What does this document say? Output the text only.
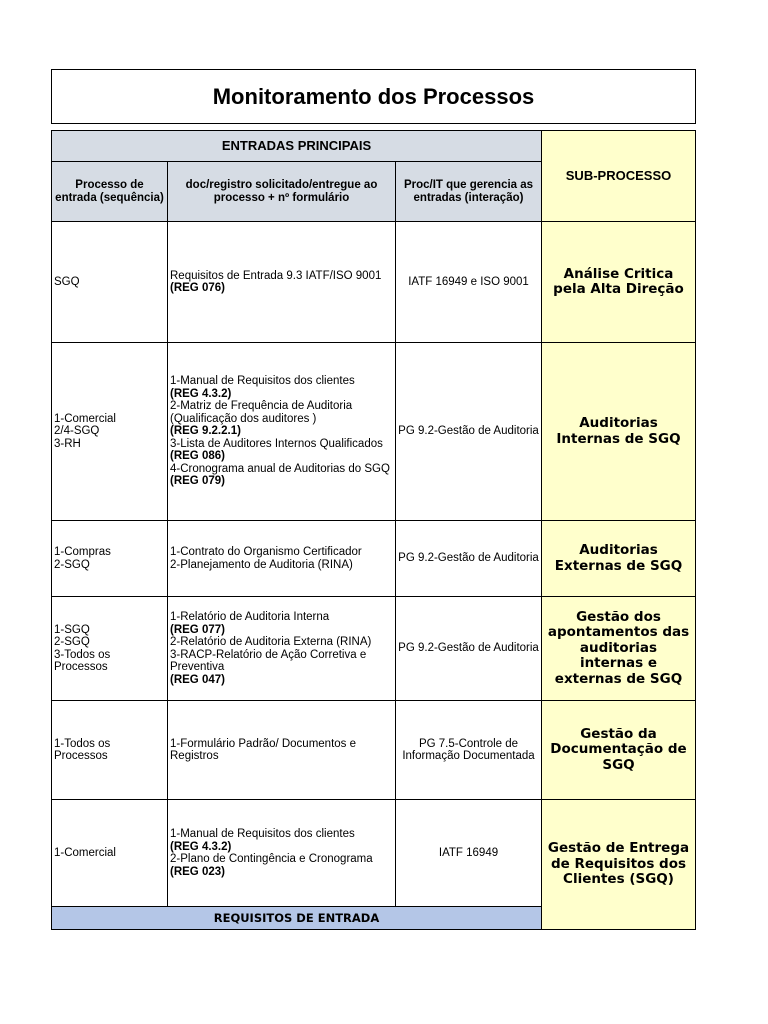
Monitoramento dos Processos
ENTRADAS PRINCIPAIS
SUB-PROCESSO
Processo de entrada (sequência)
doc/registro solicitado/entregue ao processo + nº formulário
Proc/IT que gerencia as entradas (interação)
SGQ
Requisitos de Entrada 9.3 IATF/ISO 9001
(REG 076)
IATF 16949 e ISO 9001
Análise Critica pela Alta Direção
1-Comercial
2/4-SGQ
3-RH
1-Manual de Requisitos dos clientes
(REG 4.3.2)
2-Matriz de Frequência de Auditoria
(Qualificação dos auditores )
(REG 9.2.2.1)
3-Lista de Auditores Internos Qualificados
(REG 086)
4-Cronograma anual de Auditorias do SGQ
(REG 079)
PG 9.2-Gestão de Auditoria
Auditorias Internas de SGQ
1-Compras
2-SGQ
1-Contrato do Organismo Certificador
2-Planejamento de Auditoria (RINA)
PG 9.2-Gestão de Auditoria
Auditorias Externas de SGQ
1-SGQ
2-SGQ
3-Todos os
Processos
1-Relatório de Auditoria Interna
(REG 077)
2-Relatório de Auditoria Externa (RINA)
3-RACP-Relatório de Ação Corretiva e
Preventiva
(REG 047)
PG 9.2-Gestão de Auditoria
Gestão dos apontamentos das auditorias internas e externas de SGQ
1-Todos os
Processos
1-Formulário Padrão/ Documentos e
Registros
PG 7.5-Controle de Informação Documentada
Gestão da Documentação de SGQ
1-Comercial
1-Manual de Requisitos dos clientes
(REG 4.3.2)
2-Plano de Contingência e Cronograma
(REG 023)
IATF 16949	Gestão de Entrega de Requisitos dos Clientes (SGQ)
REQUISITOS DE ENTRADA
